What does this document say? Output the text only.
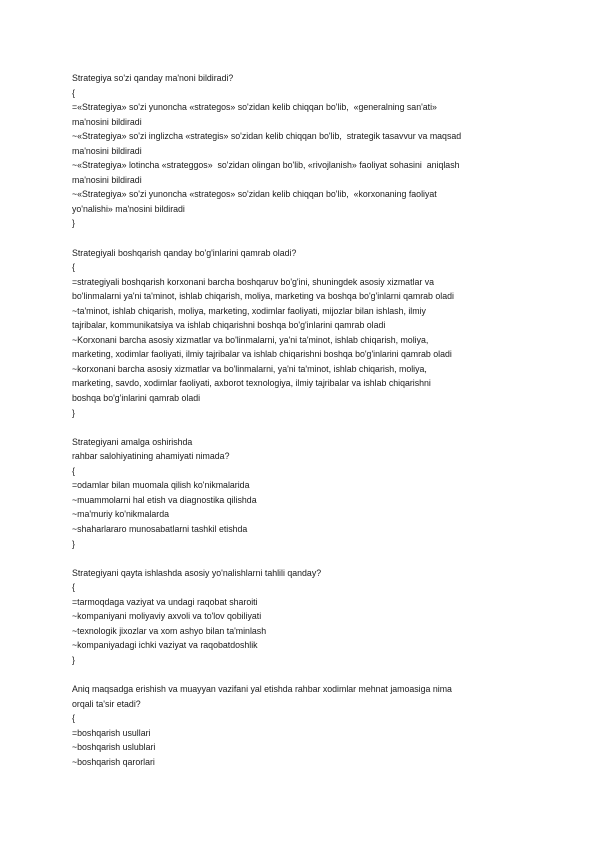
Strategiya so'zi qanday ma'noni bildiradi?
{
=«Strategiya» so'zi yunoncha «strategos» so'zidan kelib chiqqan bo'lib,  «generalning san'ati»
ma'nosini bildiradi
~«Strategiya» so'zi inglizcha «strategis» so'zidan kelib chiqqan bo'lib,  strategik tasavvur va maqsad
ma'nosini bildiradi
~«Strategiya» lotincha «strateggos»  so'zidan olingan bo'lib, «rivojlanish» faoliyat sohasini  aniqlash
ma'nosini bildiradi
~«Strategiya» so'zi yunoncha «strategos» so'zidan kelib chiqqan bo'lib,  «korxonaning faoliyat
yo'nalishi» ma'nosini bildiradi
}
Strategiyali boshqarish qanday bo'g'inlarini qamrab oladi?
{
=strategiyali boshqarish korxonani barcha boshqaruv bo'g'ini, shuningdek asosiy xizmatlar va
bo'linmalarni ya'ni ta'minot, ishlab chiqarish, moliya, marketing va boshqa bo'g'inlarni qamrab oladi
~ta'minot, ishlab chiqarish, moliya, marketing, xodimlar faoliyati, mijozlar bilan ishlash, ilmiy
tajribalar, kommunikatsiya va ishlab chiqarishni boshqa bo'g'inlarini qamrab oladi
~Korxonani barcha asosiy xizmatlar va bo'linmalarni, ya'ni ta'minot, ishlab chiqarish, moliya,
marketing, xodimlar faoliyati, ilmiy tajribalar va ishlab chiqarishni boshqa bo'g'inlarini qamrab oladi
~korxonani barcha asosiy xizmatlar va bo'linmalarni, ya'ni ta'minot, ishlab chiqarish, moliya,
marketing, savdo, xodimlar faoliyati, axborot texnologiya, ilmiy tajribalar va ishlab chiqarishni
boshqa bo'g'inlarini qamrab oladi
}
Strategiyani amalga oshirishda
rahbar salohiyatining ahamiyati nimada?
{
=odamlar bilan muomala qilish ko'nikmalarida
~muammolarni hal etish va diagnostika qilishda
~ma'muriy ko'nikmalarda
~shaharlararo munosabatlarni tashkil etishda
}
Strategiyani qayta ishlashda asosiy yo'nalishlarni tahlili qanday?
{
=tarmoqdaga vaziyat va undagi raqobat sharoiti
~kompaniyani moliyaviy axvoli va to'lov qobiliyati
~texnologik jixozlar va xom ashyo bilan ta'minlash
~kompaniyadagi ichki vaziyat va raqobatdoshlik
}
Aniq maqsadga erishish va muayyan vazifani yal etishda rahbar xodimlar mehnat jamoasiga nima
orqali ta'sir etadi?
{
=boshqarish usullari
~boshqarish uslublari
~boshqarish qarorlari
